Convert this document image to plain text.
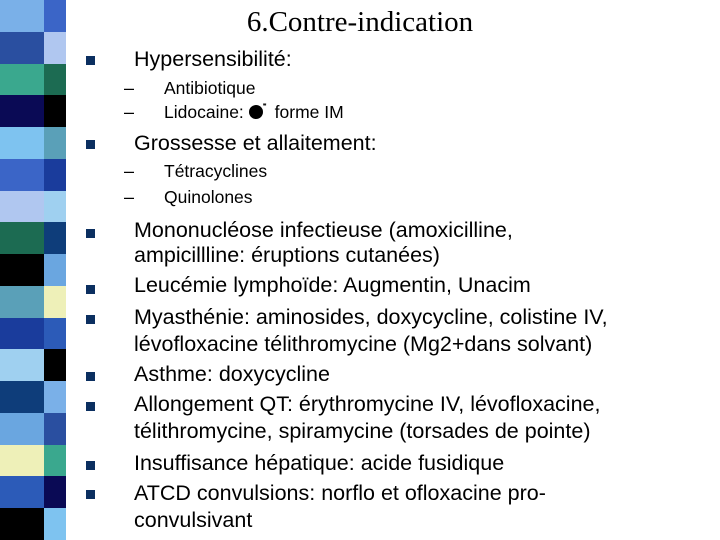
6.Contre-indication
Hypersensibilité:
– Antibiotique
– Lidocaine: '''' forme IM
Grossesse et allaitement:
– Tétracyclines
– Quinolones
Mononucléose infectieuse (amoxicilline,
ampicillline: éruptions cutanées)
Leucémie lymphoïde: Augmentin, Unacim
Myasthénie: aminosides, doxycycline, colistine IV,
lévofloxacine télithromycine (Mg2+dans solvant)
Asthme: doxycycline
Allongement QT: érythromycine IV, lévofloxacine,
télithromycine, spiramycine (torsades de pointe)
Insuffisance hépatique: acide fusidique
ATCD convulsions: norflo et ofloxacine pro-
convulsivant
